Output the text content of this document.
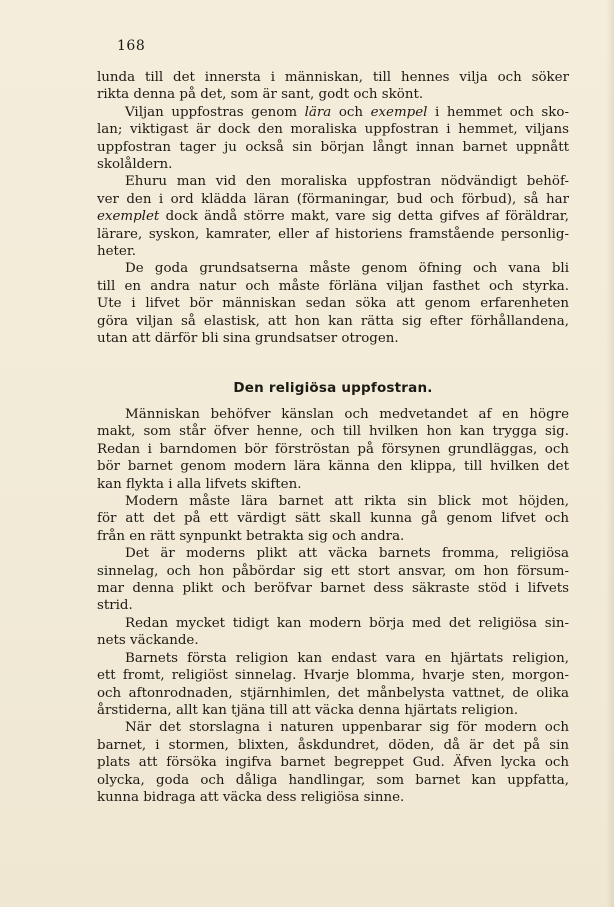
168
lunda till det innersta i människan, till hennes vilja och söker
rikta denna på det, som är sant, godt och skönt.
Viljan uppfostras genom lära och exempel i hemmet och sko-
lan; viktigast är dock den moraliska uppfostran i hemmet, viljans
uppfostran tager ju också sin början långt innan barnet uppnått
skolåldern.
Ehuru man vid den moraliska uppfostran nödvändigt behöf-
ver den i ord klädda läran (förmaningar, bud och förbud), så har
exemplet dock ändå större makt, vare sig detta gifves af föräldrar,
lärare, syskon, kamrater, eller af historiens framstående personlig-
heter.
De goda grundsatserna måste genom öfning och vana bli
till en andra natur och måste förläna viljan fasthet och styrka.
Ute i lifvet bör människan sedan söka att genom erfarenheten
göra viljan så elastisk, att hon kan rätta sig efter förhållandena,
utan att därför bli sina grundsatser otrogen.
Den religiösa uppfostran.
Människan behöfver känslan och medvetandet af en högre
makt, som står öfver henne, och till hvilken hon kan trygga sig.
Redan i barndomen bör förströstan på försynen grundläggas, och
bör barnet genom modern lära känna den klippa, till hvilken det
kan flykta i alla lifvets skiften.
Modern måste lära barnet att rikta sin blick mot höjden,
för att det på ett värdigt sätt skall kunna gå genom lifvet och
från en rätt synpunkt betrakta sig och andra.
Det är moderns plikt att väcka barnets fromma, religiösa
sinnelag, och hon påbördar sig ett stort ansvar, om hon försum-
mar denna plikt och beröfvar barnet dess säkraste stöd i lifvets
strid.
Redan mycket tidigt kan modern börja med det religiösa sin-
nets väckande.
Barnets första religion kan endast vara en hjärtats religion,
ett fromt, religiöst sinnelag. Hvarje blomma, hvarje sten, morgon-
och aftonrodnaden, stjärnhimlen, det månbelysta vattnet, de olika
årstiderna, allt kan tjäna till att väcka denna hjärtats religion.
När det storslagna i naturen uppenbarar sig för modern och
barnet, i stormen, blixten, åskdundret, döden, då är det på sin
plats att försöka ingifva barnet begreppet Gud. Äfven lycka och
olycka, goda och dåliga handlingar, som barnet kan uppfatta,
kunna bidraga att väcka dess religiösa sinne.
